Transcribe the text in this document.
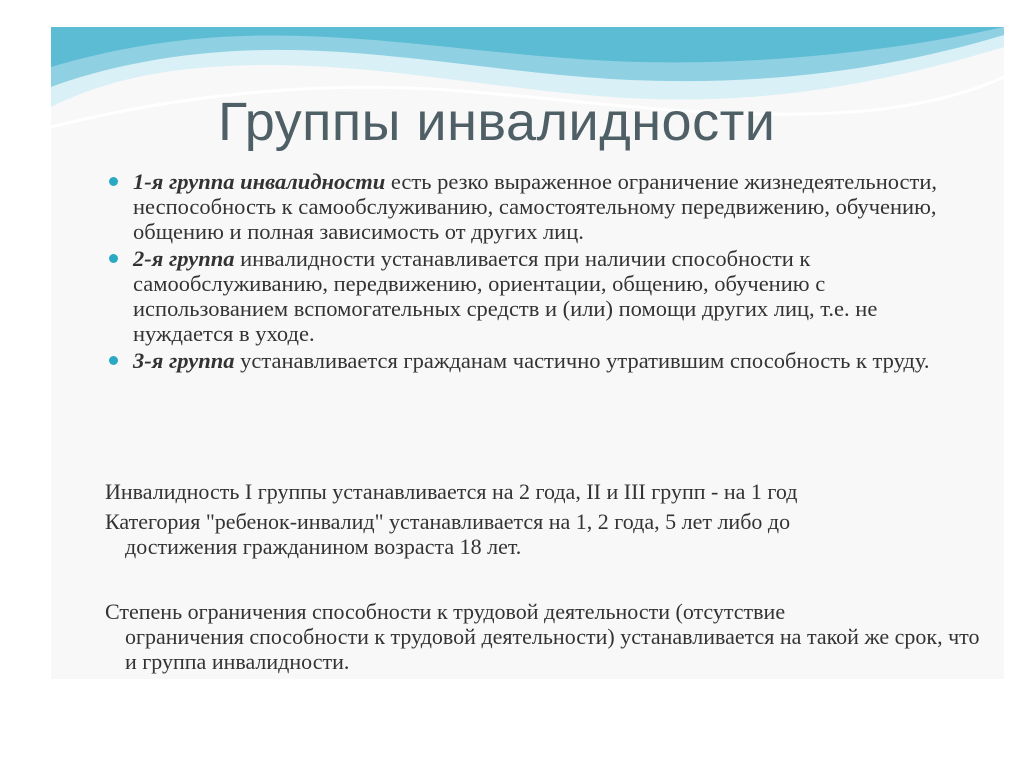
Группы инвалидности
1-я группа инвалидности есть резко выраженное ограничение жизнедеятельности, неспособность к самообслуживанию, самостоятельному передвижению, обучению, общению и полная зависимость от других лиц.
2-я группа инвалидности устанавливается при наличии способности к самообслуживанию, передвижению, ориентации, общению, обучению с использованием вспомогательных средств и (или) помощи других лиц, т.е. не нуждается в уходе.
3-я группа устанавливается гражданам частично утратившим способность к труду.

Инвалидность I группы устанавливается на 2 года, II и III групп - на 1 год

Категория "ребенок-инвалид" устанавливается на 1, 2 года, 5 лет либо до
достижения гражданином возраста 18 лет.
Степень ограничения способности к трудовой деятельности (отсутствие
ограничения способности к трудовой деятельности) устанавливается на такой же срок, что и группа инвалидности.
